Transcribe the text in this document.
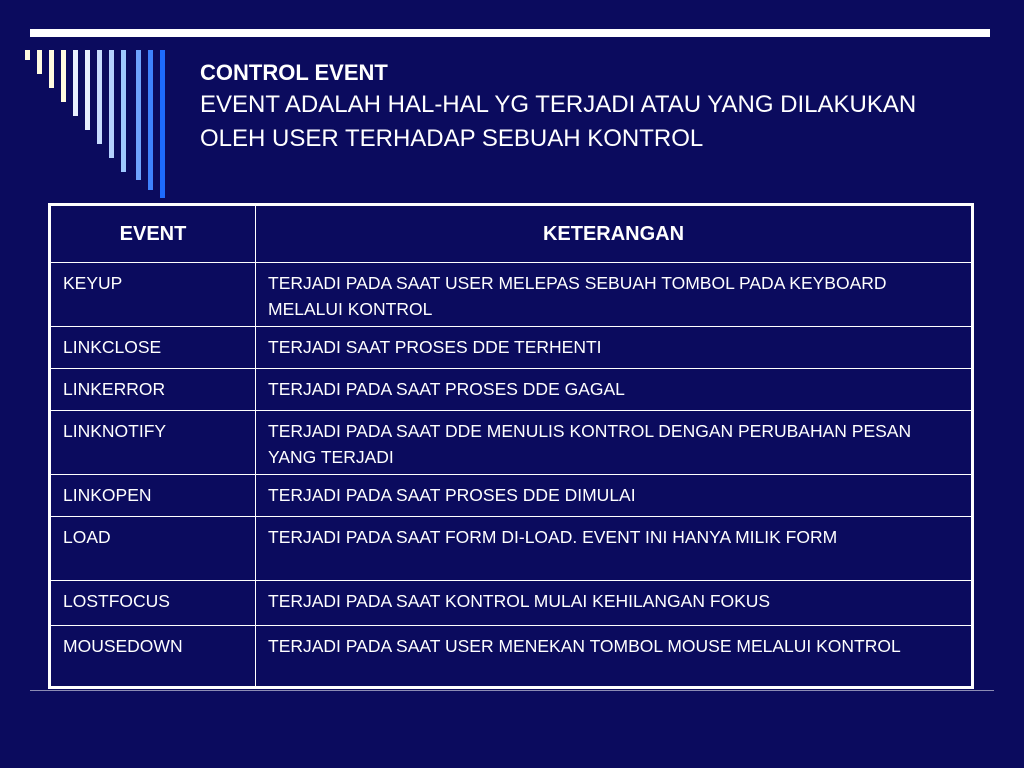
CONTROL EVENT
EVENT ADALAH HAL-HAL YG TERJADI ATAU YANG DILAKUKAN OLEH USER TERHADAP SEBUAH KONTROL
EVENT	KETERANGAN
KEYUP	TERJADI PADA SAAT USER MELEPAS SEBUAH TOMBOL PADA KEYBOARD MELALUI KONTROL
LINKCLOSE	TERJADI SAAT PROSES DDE TERHENTI
LINKERROR	TERJADI PADA SAAT PROSES DDE GAGAL
LINKNOTIFY	TERJADI PADA SAAT DDE MENULIS KONTROL DENGAN PERUBAHAN PESAN YANG TERJADI
LINKOPEN	TERJADI PADA SAAT PROSES DDE DIMULAI
LOAD	TERJADI PADA SAAT FORM DI-LOAD. EVENT INI HANYA MILIK FORM
LOSTFOCUS	TERJADI PADA SAAT KONTROL MULAI KEHILANGAN FOKUS
MOUSEDOWN	TERJADI PADA SAAT USER MENEKAN TOMBOL MOUSE MELALUI KONTROL
